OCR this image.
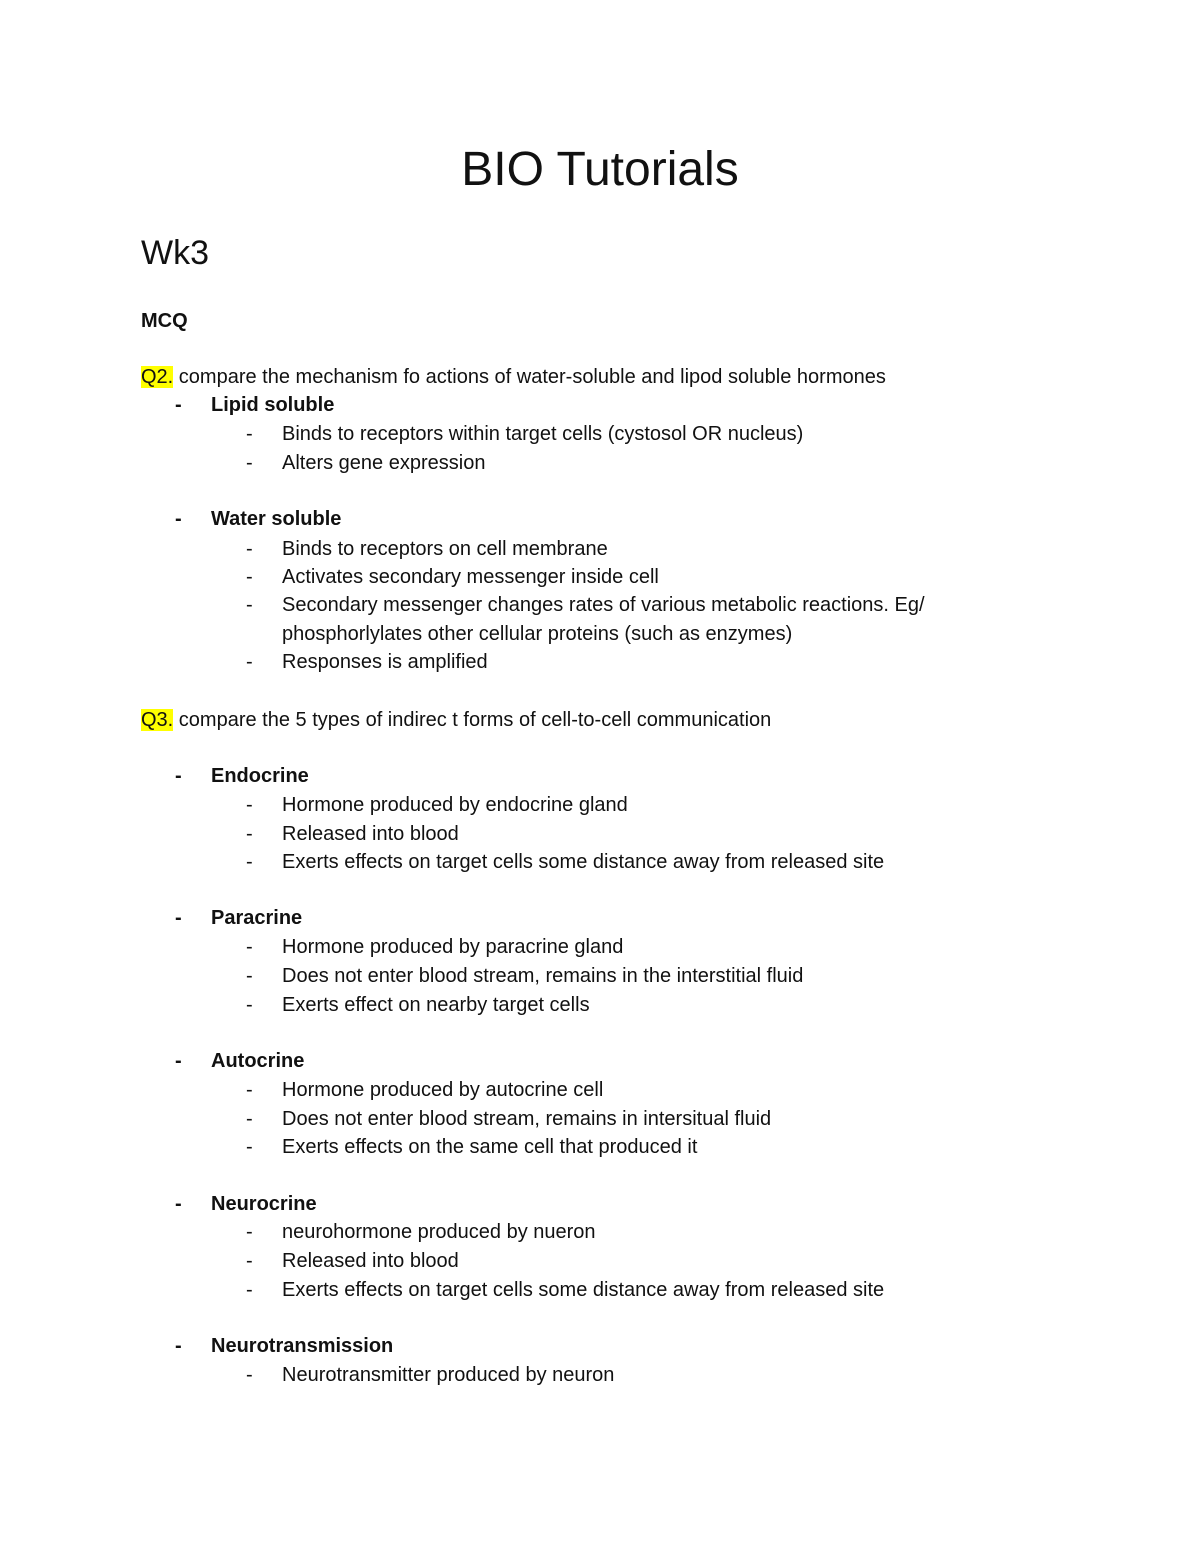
BIO Tutorials
Wk3
MCQ
Q2. compare the mechanism fo actions of water-soluble and lipod soluble hormones
- Lipid soluble
- Binds to receptors within target cells (cystosol OR nucleus)
- Alters gene expression
- Water soluble
- Binds to receptors on cell membrane
- Activates secondary messenger inside cell
- Secondary messenger changes rates of various metabolic reactions. Eg/
phosphorlylates other cellular proteins (such as enzymes)
- Responses is amplified
Q3. compare the 5 types of indirec t forms of cell-to-cell communication
- Endocrine
- Hormone produced by endocrine gland
- Released into blood
- Exerts effects on target cells some distance away from released site
- Paracrine
- Hormone produced by paracrine gland
- Does not enter blood stream, remains in the interstitial fluid
- Exerts effect on nearby target cells
- Autocrine
- Hormone produced by autocrine cell
- Does not enter blood stream, remains in intersitual fluid
- Exerts effects on the same cell that produced it
- Neurocrine
- neurohormone produced by nueron
- Released into blood
- Exerts effects on target cells some distance away from released site
- Neurotransmission
- Neurotransmitter produced by neuron
